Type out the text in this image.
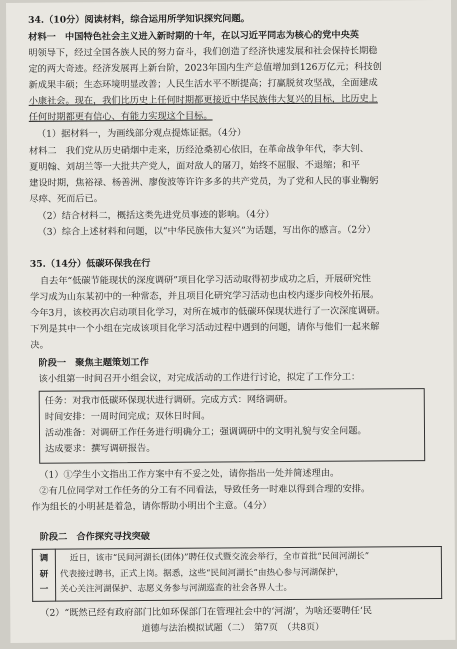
34.（10分）阅读材料，综合运用所学知识探究问题。
材料一　中国特色社会主义进入新时期的十年，在以习近平同志为核心的党中央英
明领导下，经过全国各族人民的努力奋斗，我们创造了经济快速发展和社会保持长期稳
定的两大奇迹。经济发展再上新台阶，2023年国内生产总值增加到126万亿元；科技创
新成果丰硕；生态环境明显改善；人民生活水平不断提高；打赢脱贫攻坚战，全面建成
小康社会。现在，我们比历史上任何时期都更接近中华民族伟大复兴的目标，比历史上
任何时期都更有信心、有能力实现这个目标。
（1）据材料一，为画线部分观点提炼证据。（4分）
材料二　我们党从历史硝烟中走来，历经沧桑初心依旧，在革命战争年代，李大钊、
夏明翰、刘胡兰等一大批共产党人，面对敌人的屠刀，始终不屈服、不退缩；和平
建设时期，焦裕禄、杨善洲、廖俊波等许许多多的共产党员，为了党和人民的事业鞠躬
尽瘁、死而后已。
（2）结合材料二，概括这类先进党员事迹的影响。（4分）
（3）综合上述材料和问题，以“中华民族伟大复兴”为话题，写出你的感言。（2分）
35.（14分）低碳环保我在行
自去年“低碳节能现状的深度调研”项目化学习活动取得初步成功之后，开展研究性
学习成为山东某初中的一种常态，并且项目化研究学习活动也由校内逐步向校外拓展。
今年3月，该校再次启动项目化学习，对所在城市的低碳环保现状进行了一次深度调研。
下列是其中一个小组在完成该项目化学习活动过程中遇到的问题，请你与他们一起来解
决。
阶段一　聚焦主题策划工作
该小组第一时间召开小组会议，对完成活动的工作进行讨论，拟定了工作分工：
任务：对我市低碳环保现状进行调研。完成方式：网络调研。
时间安排：一周时间完成；双休日时间。
活动准备：对调研工作任务进行明确分工；强调调研中的文明礼貌与安全问题。
达成要求：撰写调研报告。
（1）①学生小文指出工作方案中有不妥之处，请你指出一处并简述理由。
②有几位同学对工作任务的分工有不同看法，导致任务一时难以得到合理的安排。
作为组长的小明甚是着急，请你帮助小明出个主意。（4分）
阶段二　合作探究寻找突破
调
研
一

近日，该市“民间河湖长(团体)”聘任仪式暨交流会举行，全市首批“民间河湖长”
代表接过聘书，正式上岗。据悉，这些“民间河湖长”由热心参与河湖保护，
关心关注河湖保护、志愿义务参与河湖巡查的社会各界人士。
（2）“既然已经有政府部门比如环保部门在管理社会中的‘河湖’，为啥还要聘任‘民
道德与法治模拟试题（二）　第7页　（共8页）
